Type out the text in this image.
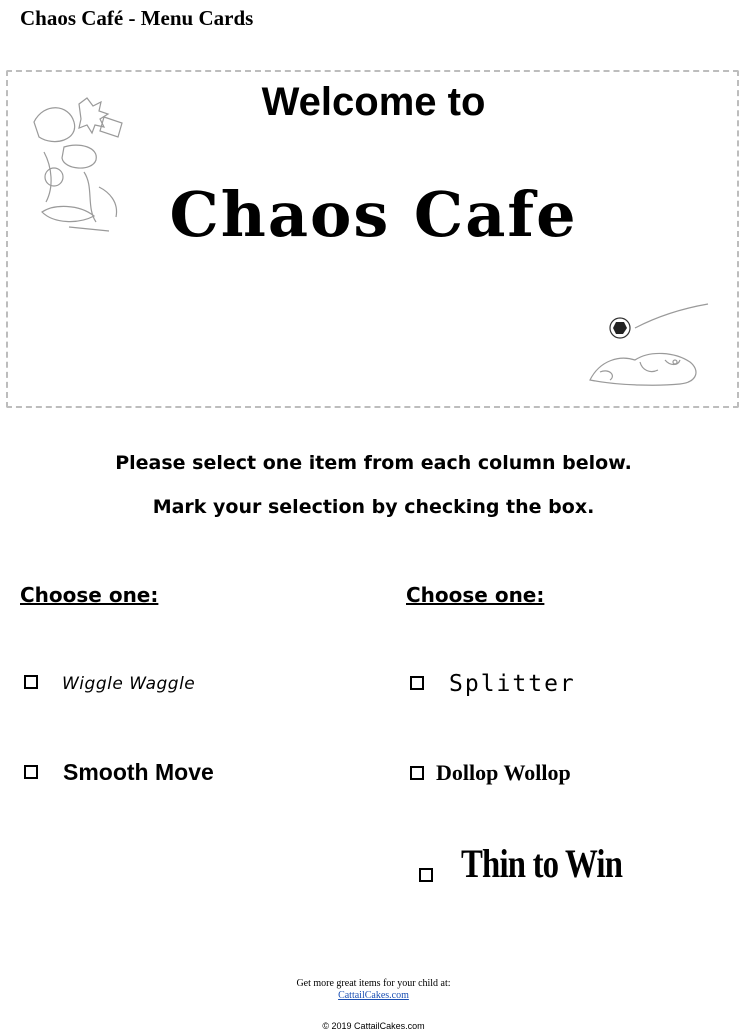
Chaos Café - Menu Cards
Welcome to
Chaos Cafe
Please select one item from each column below.
Mark your selection by checking the box.
Choose one:	Choose one:
Wiggle Waggle
Smooth Move
Splitter
Dollop Wollop
Thin to Win
Get more great items for your child at:
CattailCakes.com
© 2019 CattailCakes.com
